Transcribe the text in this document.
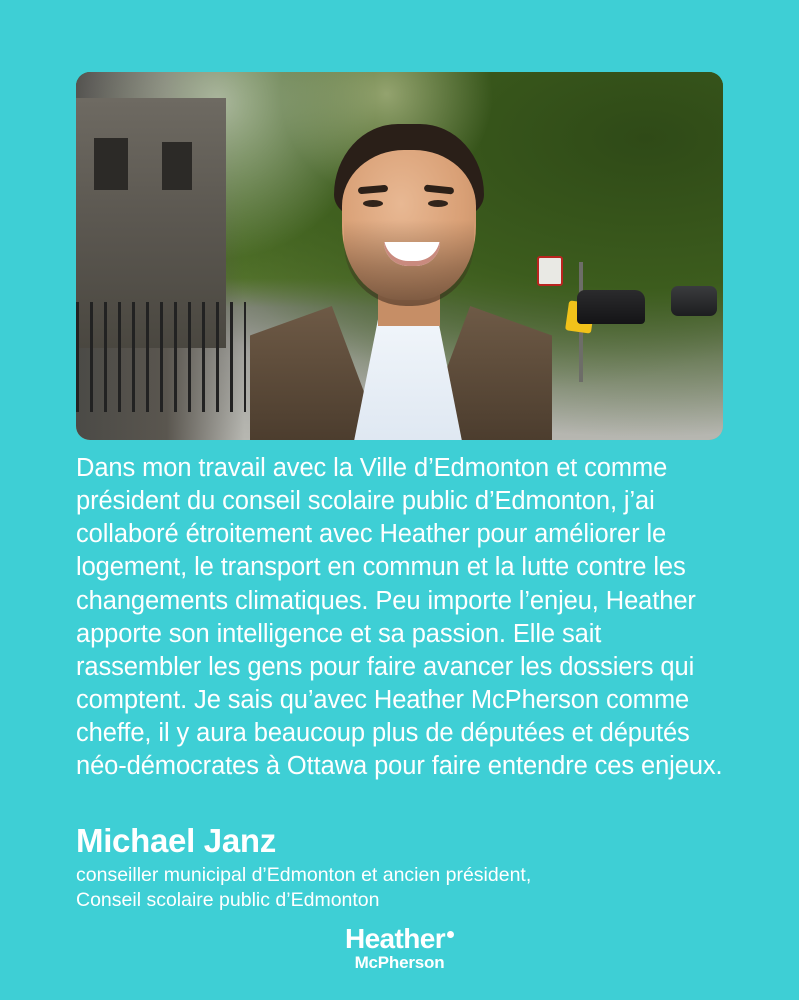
Dans mon travail avec la Ville d’Edmonton et comme président du conseil scolaire public d’Edmonton, j’ai collaboré étroitement avec Heather pour améliorer le logement, le transport en commun et la lutte contre les changements climatiques. Peu importe l’enjeu, Heather apporte son intelligence et sa passion. Elle sait rassembler les gens pour faire avancer les dossiers qui comptent. Je sais qu’avec Heather McPherson comme cheffe, il y aura beaucoup plus de députées et députés néo-démocrates à Ottawa pour faire entendre ces enjeux.
Michael Janz
conseiller municipal d’Edmonton et ancien président,
Conseil scolaire public d’Edmonton
Heather
McPherson
